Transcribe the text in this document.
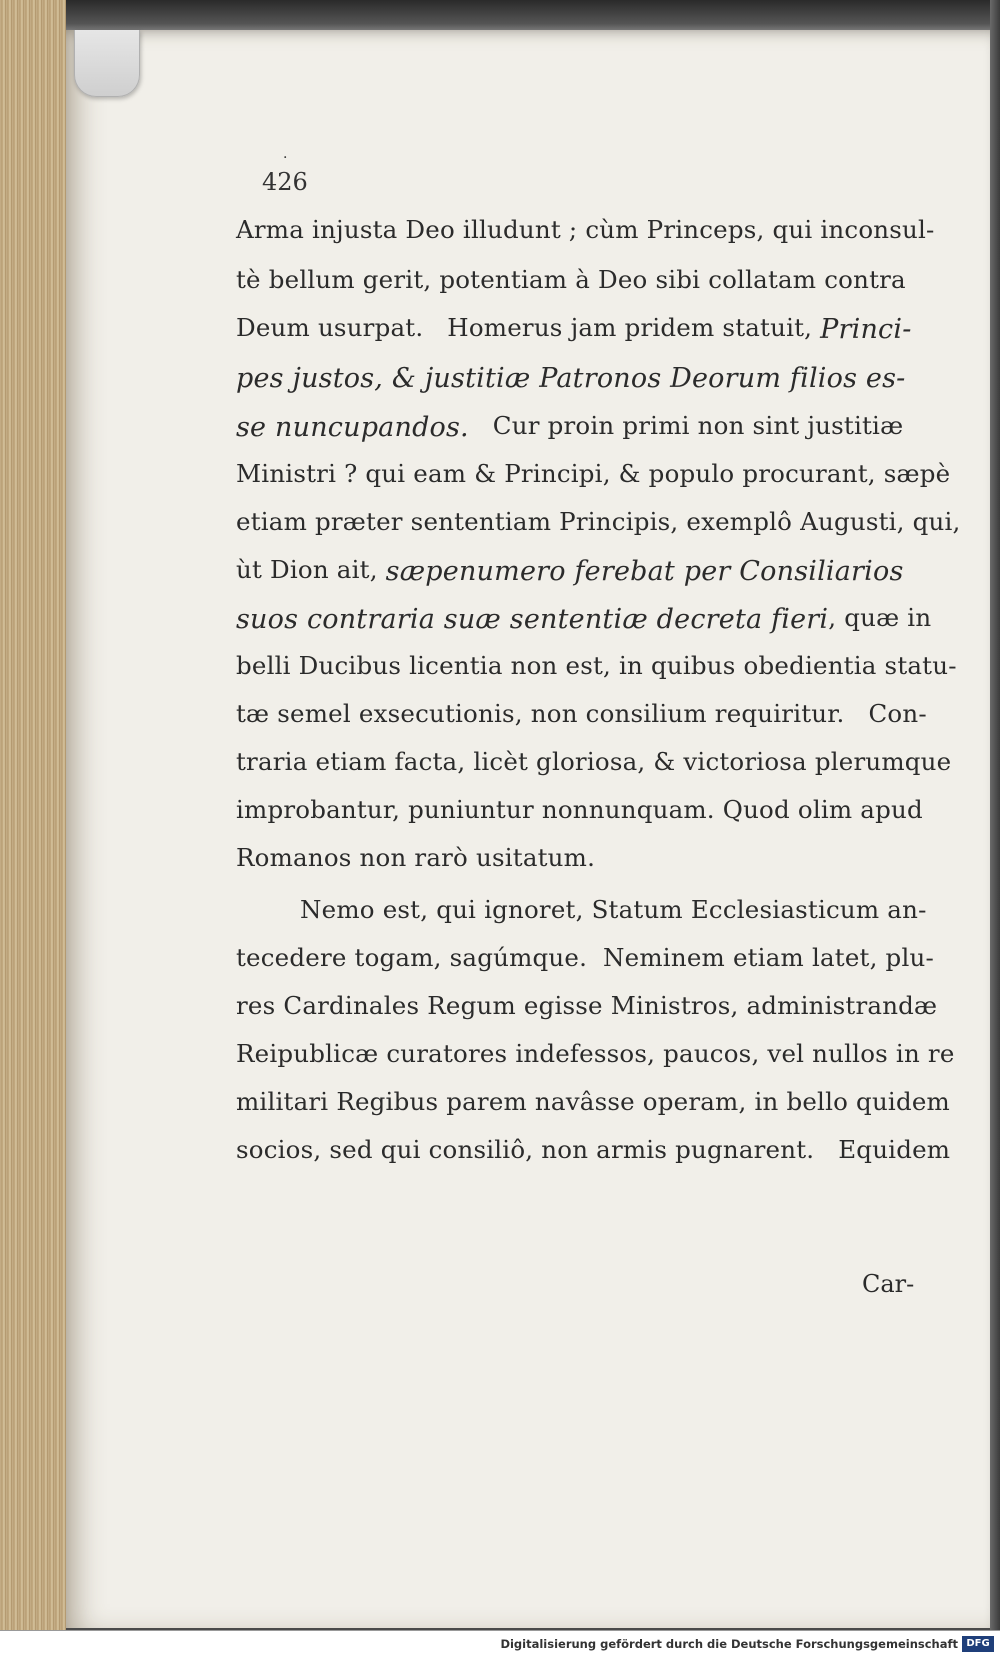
·
426
Arma injusta Deo illudunt ; cùm Princeps, qui inconsul-
tè bellum gerit, potentiam à Deo sibi collatam contra
Deum usurpat.   Homerus jam pridem statuit, Princi-
pes justos, & justitiæ Patronos Deorum filios es-
se nuncupandos. Cur proin primi non sint justitiæ
Ministri ? qui eam & Principi, & populo procurant, sæpè
etiam præter sententiam Principis, exemplô Augusti, qui,
ùt Dion ait, sæpenumero ferebat per Consiliarios
suos contraria suæ sententiæ decreta fieri , quæ in
belli Ducibus licentia non est, in quibus obedientia statu-
tæ semel exsecutionis, non consilium requiritur.   Con-
traria etiam facta, licèt gloriosa, & victoriosa plerumque
improbantur, puniuntur nonnunquam. Quod olim apud
Romanos non rarò usitatum.
Nemo est, qui ignoret, Statum Ecclesiasticum an-
tecedere togam, sagúmque.  Neminem etiam latet, plu-
res Cardinales Regum egisse Ministros, administrandæ
Reipublicæ curatores indefessos, paucos, vel nullos in re
militari Regibus parem navâsse operam, in bello quidem
socios, sed qui consiliô, non armis pugnarent.   Equidem
Car-
Digitalisierung gefördert durch die Deutsche Forschungsgemeinschaft DFG
